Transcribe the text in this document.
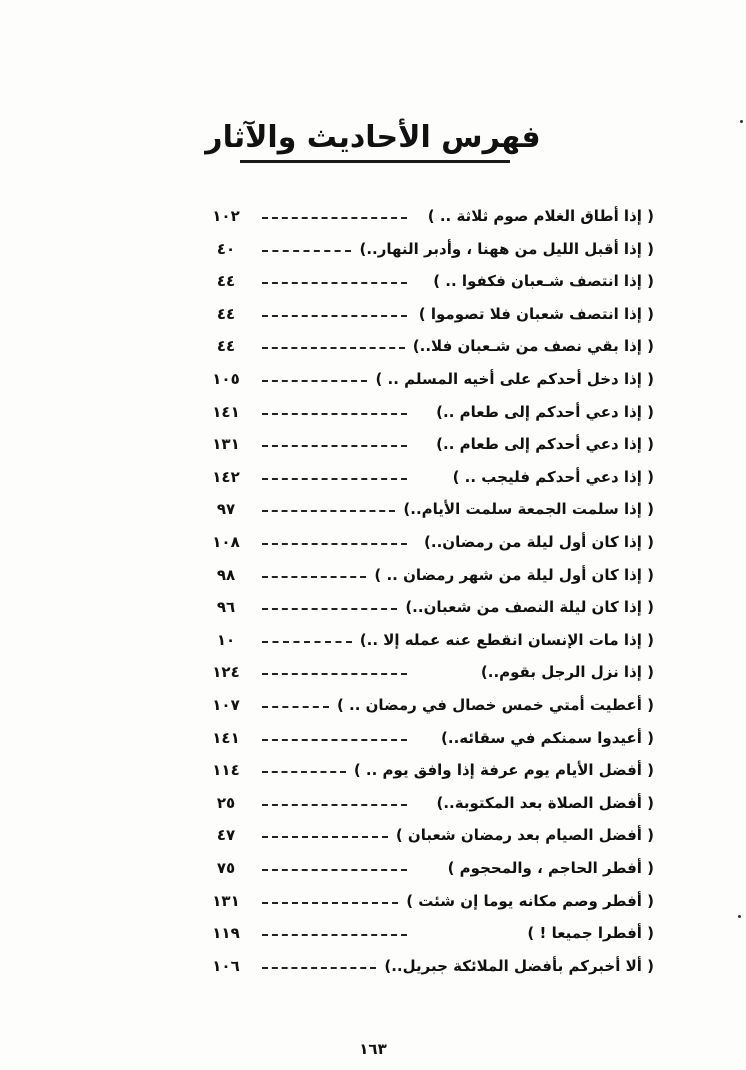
فهرس الأحاديث والآثار
١٠٢	( إذا أطاق الغلام صوم ثلاثة .. )
٤٠	( إذا أقبل الليل من ههنا ، وأدبر النهار..)
٤٤	( إذا انتصف شـعبان فكفوا .. )
٤٤	( إذا انتصف شعبان فلا تصوموا )
٤٤	( إذا بقي نصف من شـعبان فلا..)
١٠٥	( إذا دخل أحدكم على أخيه المسلم .. )
١٤١	( إذا دعي أحدكم إلى طعام ..)
١٣١	( إذا دعي أحدكم إلى طعام ..)
١٤٢	( إذا دعي أحدكم فليجب .. )
٩٧	( إذا سلمت الجمعة سلمت الأيام..)
١٠٨	( إذا كان أول ليلة من رمضان..)
٩٨	( إذا كان أول ليلة من شهر رمضان .. )
٩٦	( إذا كان ليلة النصف من شعبان..)
١٠	( إذا مات الإنسان انقطع عنه عمله إلا ..)
١٢٤	( إذا نزل الرجل بقوم..)
١٠٧	( أعطيت أمتي خمس خصال في رمضان .. )
١٤١	( أعيدوا سمنكم في سقائه..)
١١٤	( أفضل الأيام يوم عرفة إذا وافق يوم .. )
٢٥	( أفضل الصلاة بعد المكتوبة..)
٤٧	( أفضل الصيام بعد رمضان شعبان )
٧٥	( أفطر الحاجم ، والمحجوم )
١٣١	( أفطر وصم مكانه يوما إن شئت )
١١٩	( أفطرا جميعا ! )
١٠٦	( ألا أخبركم بأفضل الملائكة جبريل..)
١٦٣
